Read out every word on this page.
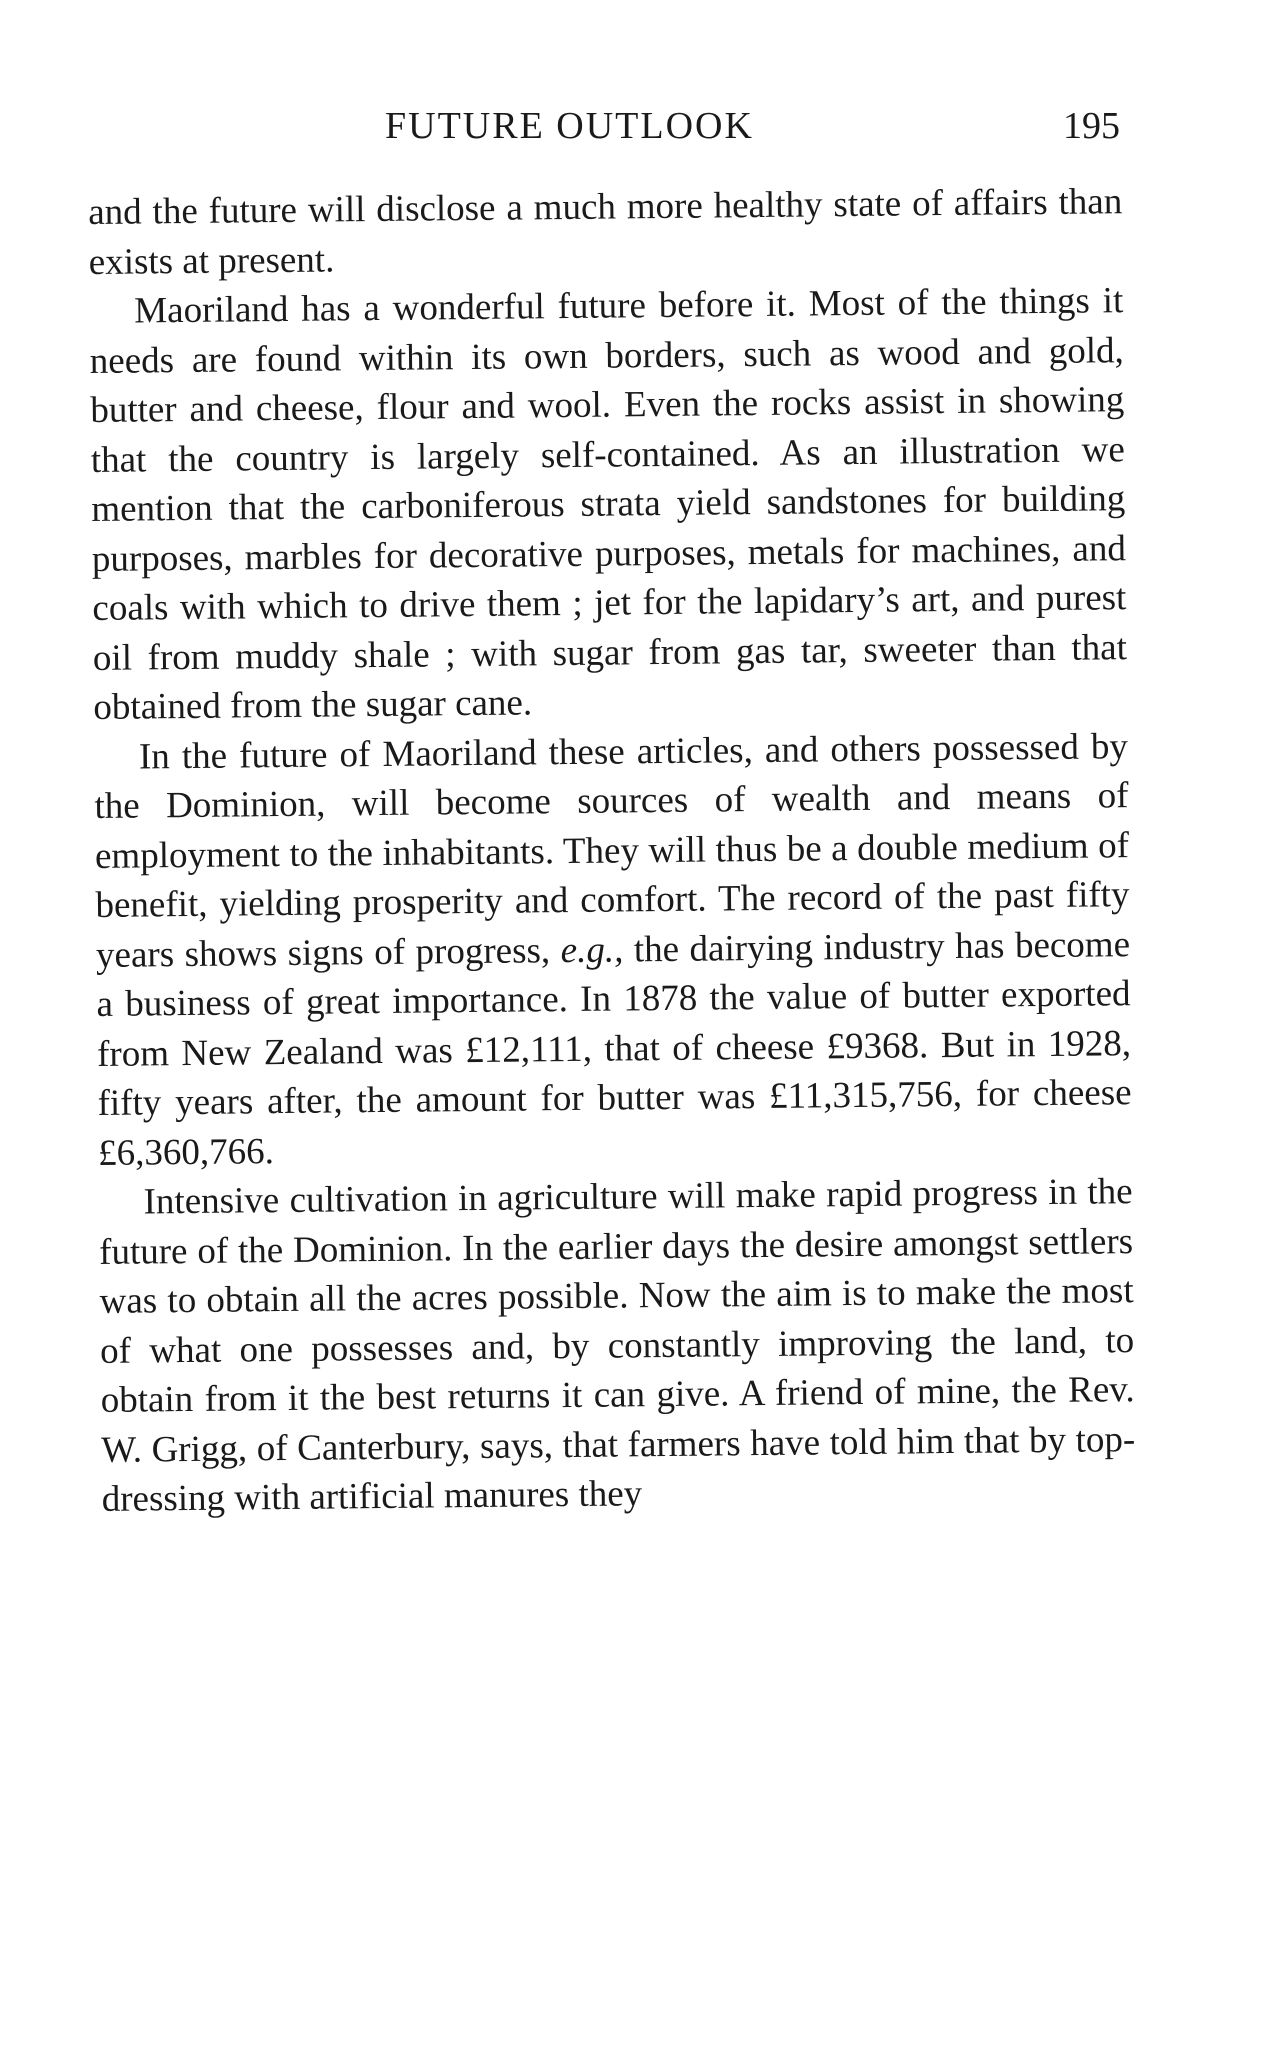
FUTURE OUTLOOK	195

and the future will disclose a much more healthy state of affairs than exists at present.

Maoriland has a wonderful future before it. Most of the things it needs are found within its own borders, such as wood and gold, butter and cheese, flour and wool. Even the rocks assist in showing that the country is largely self-contained. As an illustration we mention that the carboniferous strata yield sandstones for building purposes, marbles for decorative purposes, metals for machines, and coals with which to drive them ; jet for the lapidary’s art, and purest oil from muddy shale ; with sugar from gas tar, sweeter than that obtained from the sugar cane.

In the future of Maoriland these articles, and others possessed by the Dominion, will become sources of wealth and means of employment to the inhabitants. They will thus be a double medium of benefit, yielding prosperity and comfort. The record of the past fifty years shows signs of progress, e.g., the dairying industry has become a business of great importance. In 1878 the value of butter exported from New Zealand was £12,111, that of cheese £9368. But in 1928, fifty years after, the amount for butter was £11,315,756, for cheese £6,360,766.

Intensive cultivation in agriculture will make rapid progress in the future of the Dominion. In the earlier days the desire amongst settlers was to obtain all the acres possible. Now the aim is to make the most of what one possesses and, by constantly improving the land, to obtain from it the best returns it can give. A friend of mine, the Rev. W. Grigg, of Canterbury, says, that farmers have told him that by top-dressing with artificial manures they
